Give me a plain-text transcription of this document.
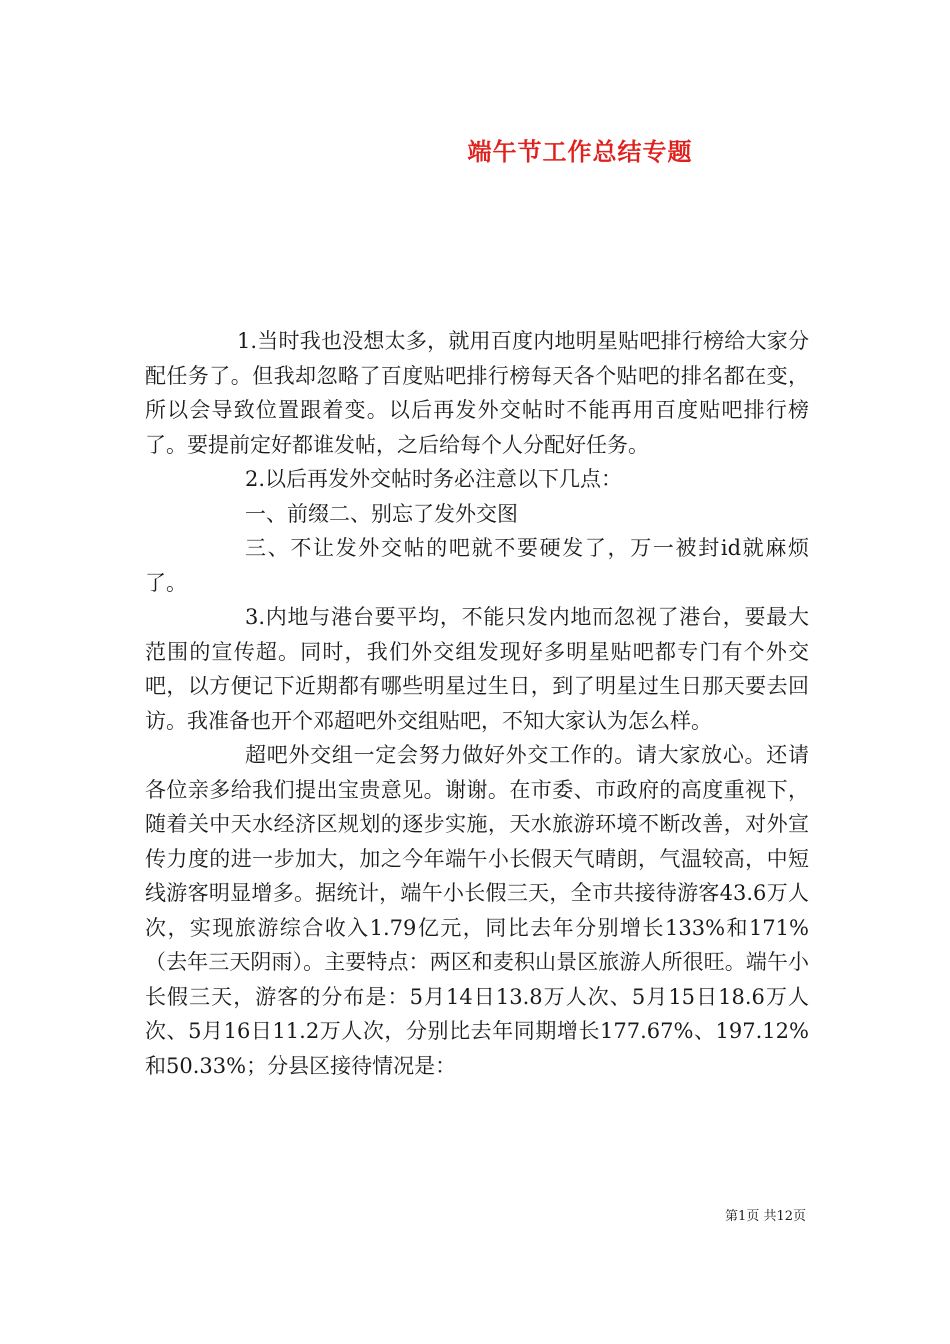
端午节工作总结专题

1.当时我也没想太多，就用百度内地明星贴吧排行榜给大家分配任务了。但我却忽略了百度贴吧排行榜每天各个贴吧的排名都在变，所以会导致位置跟着变。以后再发外交帖时不能再用百度贴吧排行榜了。要提前定好都谁发帖，之后给每个人分配好任务。

2.以后再发外交帖时务必注意以下几点：

一、前缀二、别忘了发外交图

三、不让发外交帖的吧就不要硬发了，万一被封id就麻烦了。

3.内地与港台要平均，不能只发内地而忽视了港台，要最大范围的宣传超。同时，我们外交组发现好多明星贴吧都专门有个外交吧，以方便记下近期都有哪些明星过生日，到了明星过生日那天要去回访。我准备也开个邓超吧外交组贴吧，不知大家认为怎么样。

超吧外交组一定会努力做好外交工作的。请大家放心。还请各位亲多给我们提出宝贵意见。谢谢。在市委、市政府的高度重视下，随着关中天水经济区规划的逐步实施，天水旅游环境不断改善，对外宣传力度的进一步加大，加之今年端午小长假天气晴朗，气温较高，中短线游客明显增多。据统计，端午小长假三天，全市共接待游客43.6万人次，实现旅游综合收入1.79亿元，同比去年分别增长133%和171%（去年三天阴雨）。主要特点：两区和麦积山景区旅游人所很旺。端午小长假三天，游客的分布是：5月14日13.8万人次、5月15日18.6万人次、5月16日11.2万人次，分别比去年同期增长177.67%、197.12%和50.33%；分县区接待情况是：

第1页 共12页
